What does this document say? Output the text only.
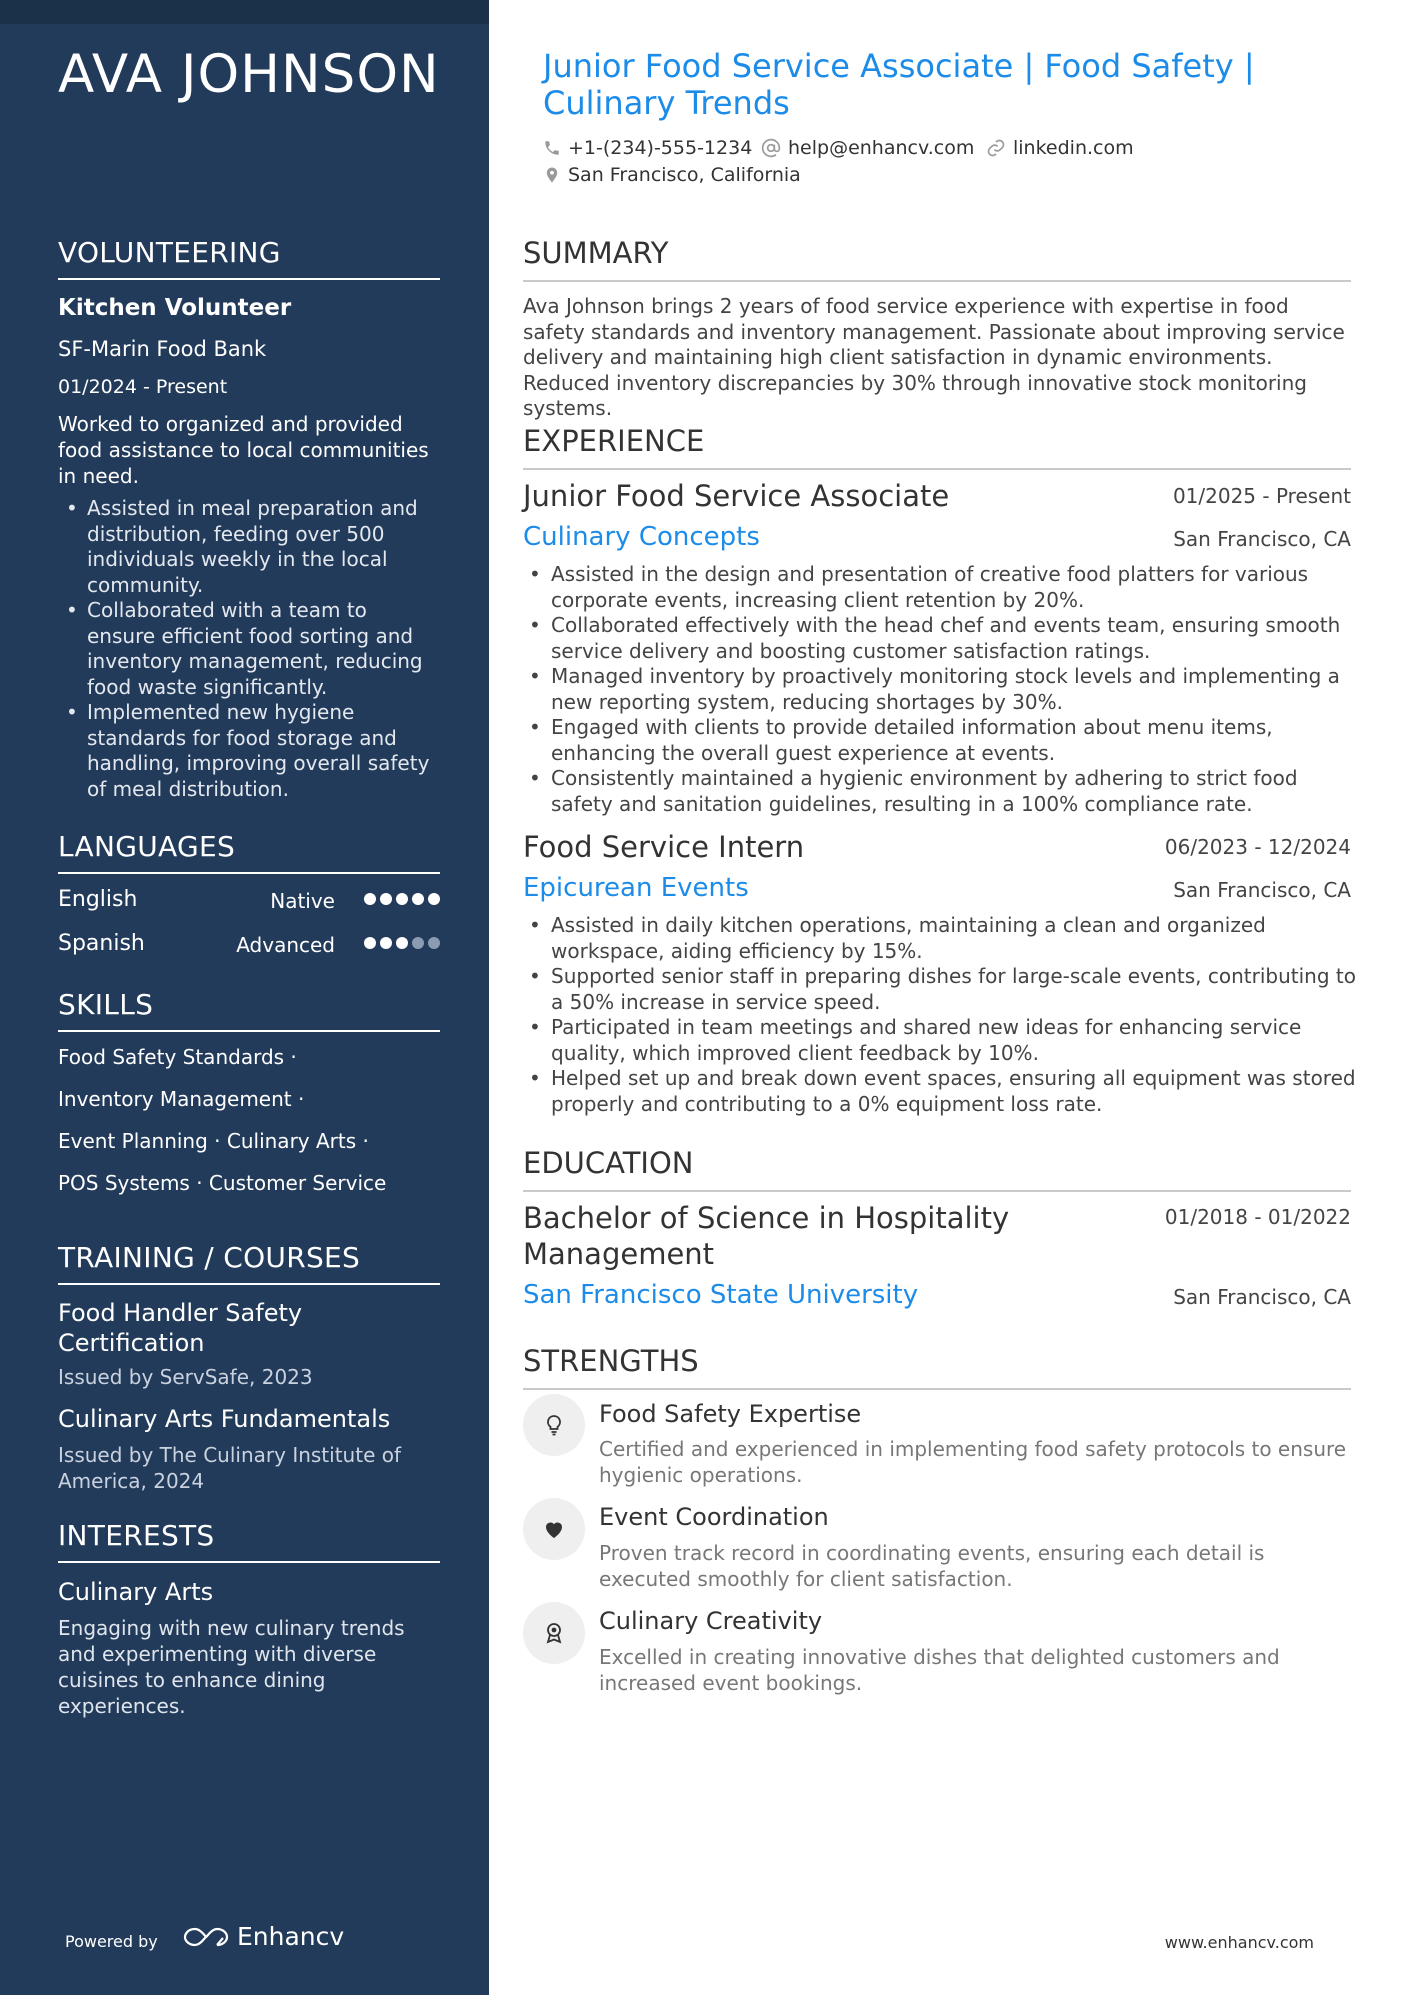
AVA JOHNSON
VOLUNTEERING
Kitchen Volunteer
SF-Marin Food Bank
01/2024 - Present
Worked to organized and provided food assistance to local communities in need.
• Assisted in meal preparation and distribution, feeding over 500 individuals weekly in the local community.
• Collaborated with a team to ensure efficient food sorting and inventory management, reducing food waste significantly.
• Implemented new hygiene standards for food storage and handling, improving overall safety of meal distribution.
LANGUAGES
English	Native
Spanish	Advanced
SKILLS
Food Safety Standards ·
Inventory Management ·
Event Planning · Culinary Arts ·
POS Systems · Customer Service
TRAINING / COURSES
Food Handler Safety Certification
Issued by ServSafe, 2023
Culinary Arts Fundamentals
Issued by The Culinary Institute of America, 2024
INTERESTS
Culinary Arts
Engaging with new culinary trends and experimenting with diverse cuisines to enhance dining experiences.
Powered by	Enhancv
Junior Food Service Associate | Food Safety | Culinary Trends
+1-(234)-555-1234 help@enhancv.com linkedin.com
San Francisco, California
SUMMARY
Ava Johnson brings 2 years of food service experience with expertise in food safety standards and inventory management. Passionate about improving service delivery and maintaining high client satisfaction in dynamic environments. Reduced inventory discrepancies by 30% through innovative stock monitoring systems.
EXPERIENCE
Junior Food Service Associate	01/2025 - Present
Culinary Concepts	San Francisco, CA
• Assisted in the design and presentation of creative food platters for various corporate events, increasing client retention by 20%.
• Collaborated effectively with the head chef and events team, ensuring smooth service delivery and boosting customer satisfaction ratings.
• Managed inventory by proactively monitoring stock levels and implementing a new reporting system, reducing shortages by 30%.
• Engaged with clients to provide detailed information about menu items, enhancing the overall guest experience at events.
• Consistently maintained a hygienic environment by adhering to strict food safety and sanitation guidelines, resulting in a 100% compliance rate.
Food Service Intern	06/2023 - 12/2024
Epicurean Events	San Francisco, CA
• Assisted in daily kitchen operations, maintaining a clean and organized workspace, aiding efficiency by 15%.
• Supported senior staff in preparing dishes for large-scale events, contributing to a 50% increase in service speed.
• Participated in team meetings and shared new ideas for enhancing service quality, which improved client feedback by 10%.
• Helped set up and break down event spaces, ensuring all equipment was stored properly and contributing to a 0% equipment loss rate.
EDUCATION
Bachelor of Science in Hospitality Management
01/2018 - 01/2022
San Francisco State University	San Francisco, CA
STRENGTHS
Food Safety Expertise
Certified and experienced in implementing food safety protocols to ensure hygienic operations.
Event Coordination
Proven track record in coordinating events, ensuring each detail is executed smoothly for client satisfaction.
Culinary Creativity
Excelled in creating innovative dishes that delighted customers and increased event bookings.
www.enhancv.com
